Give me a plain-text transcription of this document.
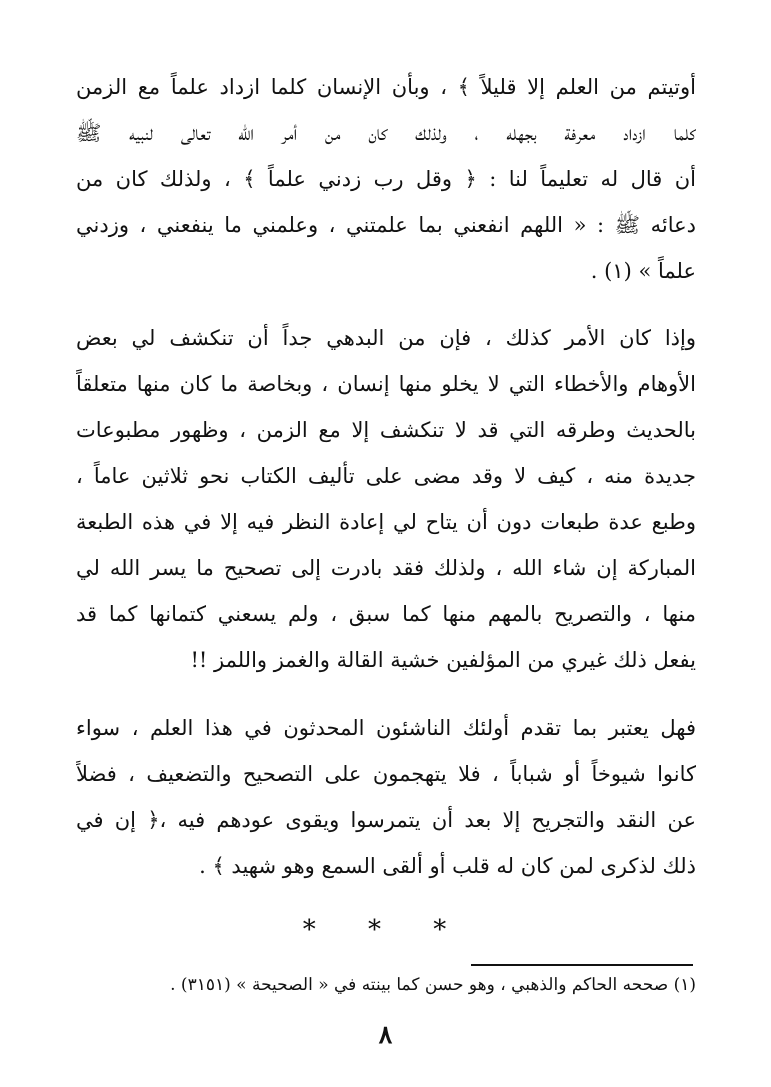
أوتيتم من العلم إلا قليلاً ﴾ ، وبأن الإنسان كلما ازداد علماً مع الزمن
كلما ازداد معرفة بجهله ، ولذلك كان من أمر الله تعالى لنبيه ﷺ
أن قال له تعليماً لنا : ﴿ وقل رب زدني علماً ﴾ ، ولذلك كان من
دعائه ﷺ : « اللهم انفعني بما علمتني ، وعلمني ما ينفعني ، وزدني
علماً » (١) .
وإذا كان الأمر كذلك ، فإن من البدهي جداً أن تنكشف لي بعض
الأوهام والأخطاء التي لا يخلو منها إنسان ، وبخاصة ما كان منها متعلقاً
بالحديث وطرقه التي قد لا تنكشف إلا مع الزمن ، وظهور مطبوعات
جديدة منه ، كيف لا وقد مضى على تأليف الكتاب نحو ثلاثين عاماً ،
وطبع عدة طبعات دون أن يتاح لي إعادة النظر فيه إلا في هذه الطبعة
المباركة إن شاء الله ، ولذلك فقد بادرت إلى تصحيح ما يسر الله لي
منها ، والتصريح بالمهم منها كما سبق ، ولم يسعني كتمانها كما قد
يفعل ذلك غيري من المؤلفين خشية القالة والغمز واللمز !!
فهل يعتبر بما تقدم أولئك الناشئون المحدثون في هذا العلم ، سواء
كانوا شيوخاً أو شباباً ، فلا يتهجمون على التصحيح والتضعيف ، فضلاً
عن النقد والتجريح إلا بعد أن يتمرسوا ويقوى عودهم فيه ،﴿ إن في
ذلك لذكرى لمن كان له قلب أو ألقى السمع وهو شهيد ﴾ .
* * *
(١) صححه الحاكم والذهبي ، وهو حسن كما بينته في « الصحيحة » (٣١٥١) .
٨
